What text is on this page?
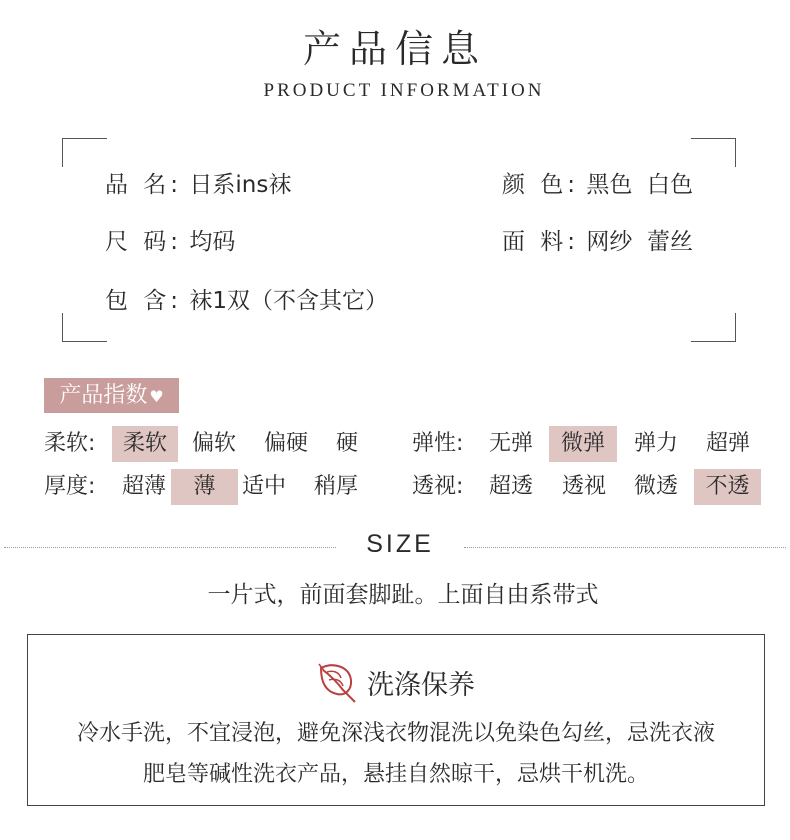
产品信息
PRODUCT INFORMATION
品 名: 日系ins袜	颜 色: 黑色  白色
尺 码: 均码	面 料: 网纱  蕾丝
包 含: 袜1双（不含其它）
产品指数 ♥
柔软:	柔软	偏软 偏硬 硬 弹性:	无弹	微弹	弹力 超弹
厚度:	超薄	薄	适中 稍厚 透视:	超透 透视 微透	不透
SIZE
一片式，前面套脚趾。上面自由系带式
洗涤保养
冷水手洗，不宜浸泡，避免深浅衣物混洗以免染色勾丝，忌洗衣液
肥皂等碱性洗衣产品，悬挂自然晾干，忌烘干机洗。
